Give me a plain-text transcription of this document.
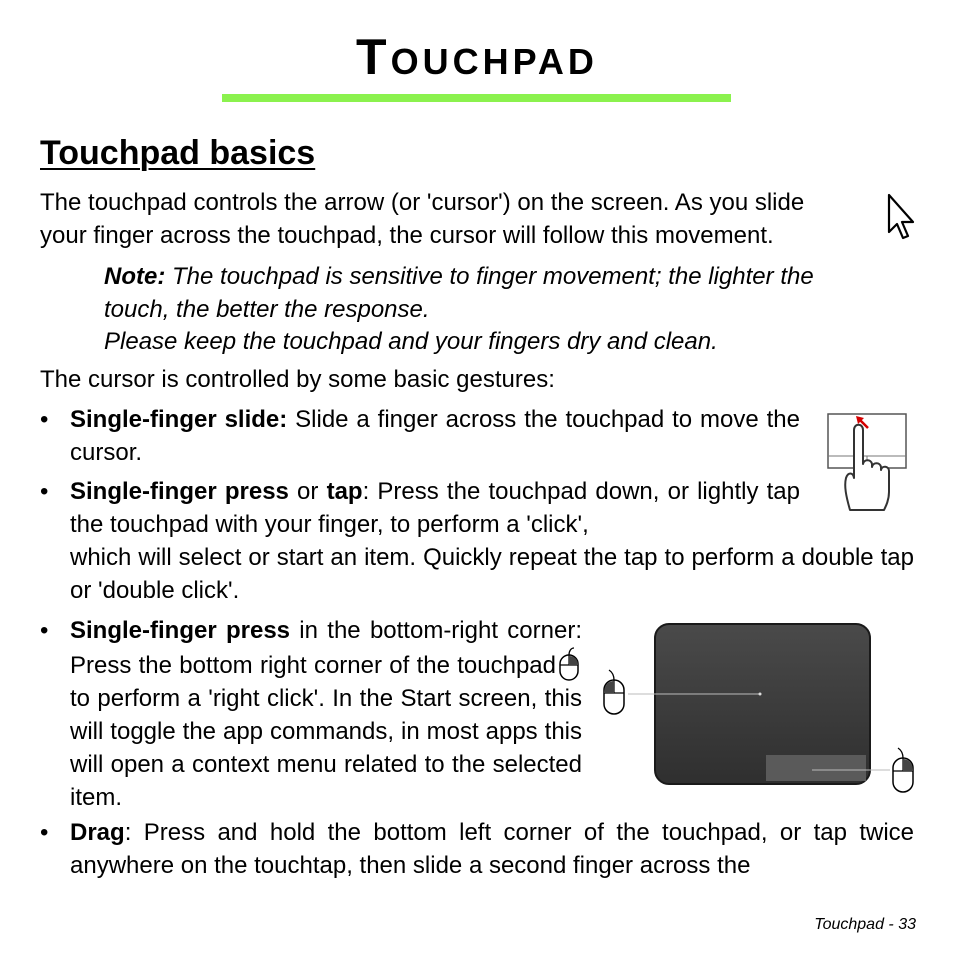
TOUCHPAD
Touchpad basics

The touchpad controls the arrow (or 'cursor') on the screen. As you slide
your finger across the touchpad, the cursor will follow this movement.

Note: The touchpad is sensitive to finger movement; the lighter the

touch, the better the response.

Please keep the touchpad and your fingers dry and clean.

The cursor is controlled by some basic gestures:

• Single-finger slide: Slide a finger across the touchpad to move the cursor.

• Single-finger press or tap: Press the touchpad down, or lightly tap the touchpad with your finger, to perform a 'click',

which will select or start an item. Quickly repeat the tap to perform a double tap or 'double click'.

• Single-finger press in the bottom-right corner: Press the bottom right corner of the touchpad to perform a 'right click'. In the Start screen, this will toggle the app commands, in most apps this will open a context menu related to the selected item.

• Drag: Press and hold the bottom left corner of the touchpad, or tap twice anywhere on the touchtap, then slide a second finger across the

Touchpad - 33
